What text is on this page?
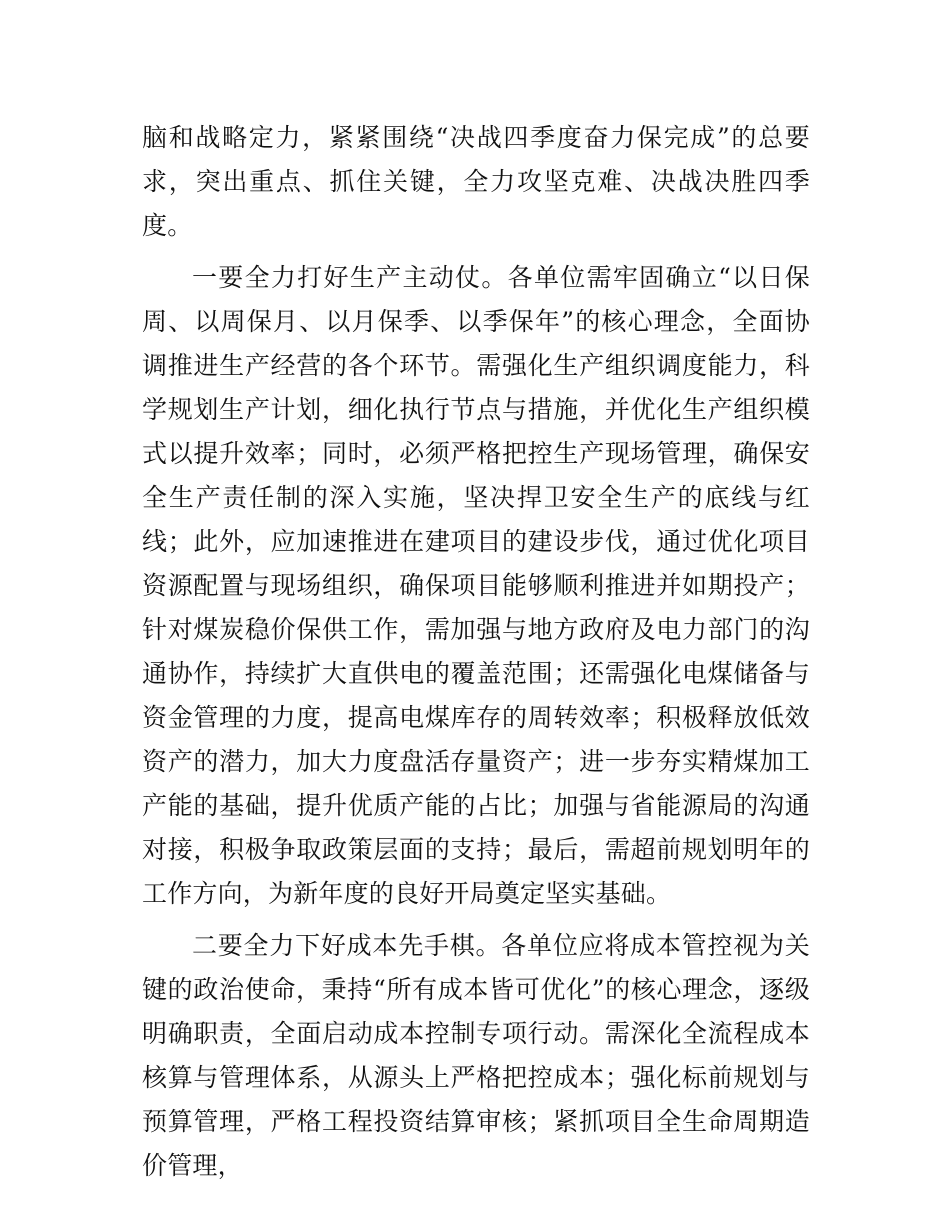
脑和战略定力，紧紧围绕“决战四季度奋力保完成”的总要求，突出重点、抓住关键，全力攻坚克难、决战决胜四季度。

一要全力打好生产主动仗。各单位需牢固确立“以日保周、以周保月、以月保季、以季保年”的核心理念，全面协调推进生产经营的各个环节。需强化生产组织调度能力，科学规划生产计划，细化执行节点与措施，并优化生产组织模式以提升效率；同时，必须严格把控生产现场管理，确保安全生产责任制的深入实施，坚决捍卫安全生产的底线与红线；此外，应加速推进在建项目的建设步伐，通过优化项目资源配置与现场组织，确保项目能够顺利推进并如期投产；针对煤炭稳价保供工作，需加强与地方政府及电力部门的沟通协作，持续扩大直供电的覆盖范围；还需强化电煤储备与资金管理的力度，提高电煤库存的周转效率；积极释放低效资产的潜力，加大力度盘活存量资产；进一步夯实精煤加工产能的基础，提升优质产能的占比；加强与省能源局的沟通对接，积极争取政策层面的支持；最后，需超前规划明年的工作方向，为新年度的良好开局奠定坚实基础。

二要全力下好成本先手棋。各单位应将成本管控视为关键的政治使命，秉持“所有成本皆可优化”的核心理念，逐级明确职责，全面启动成本控制专项行动。需深化全流程成本核算与管理体系，从源头上严格把控成本；强化标前规划与预算管理，严格工程投资结算审核；紧抓项目全生命周期造价管理，
